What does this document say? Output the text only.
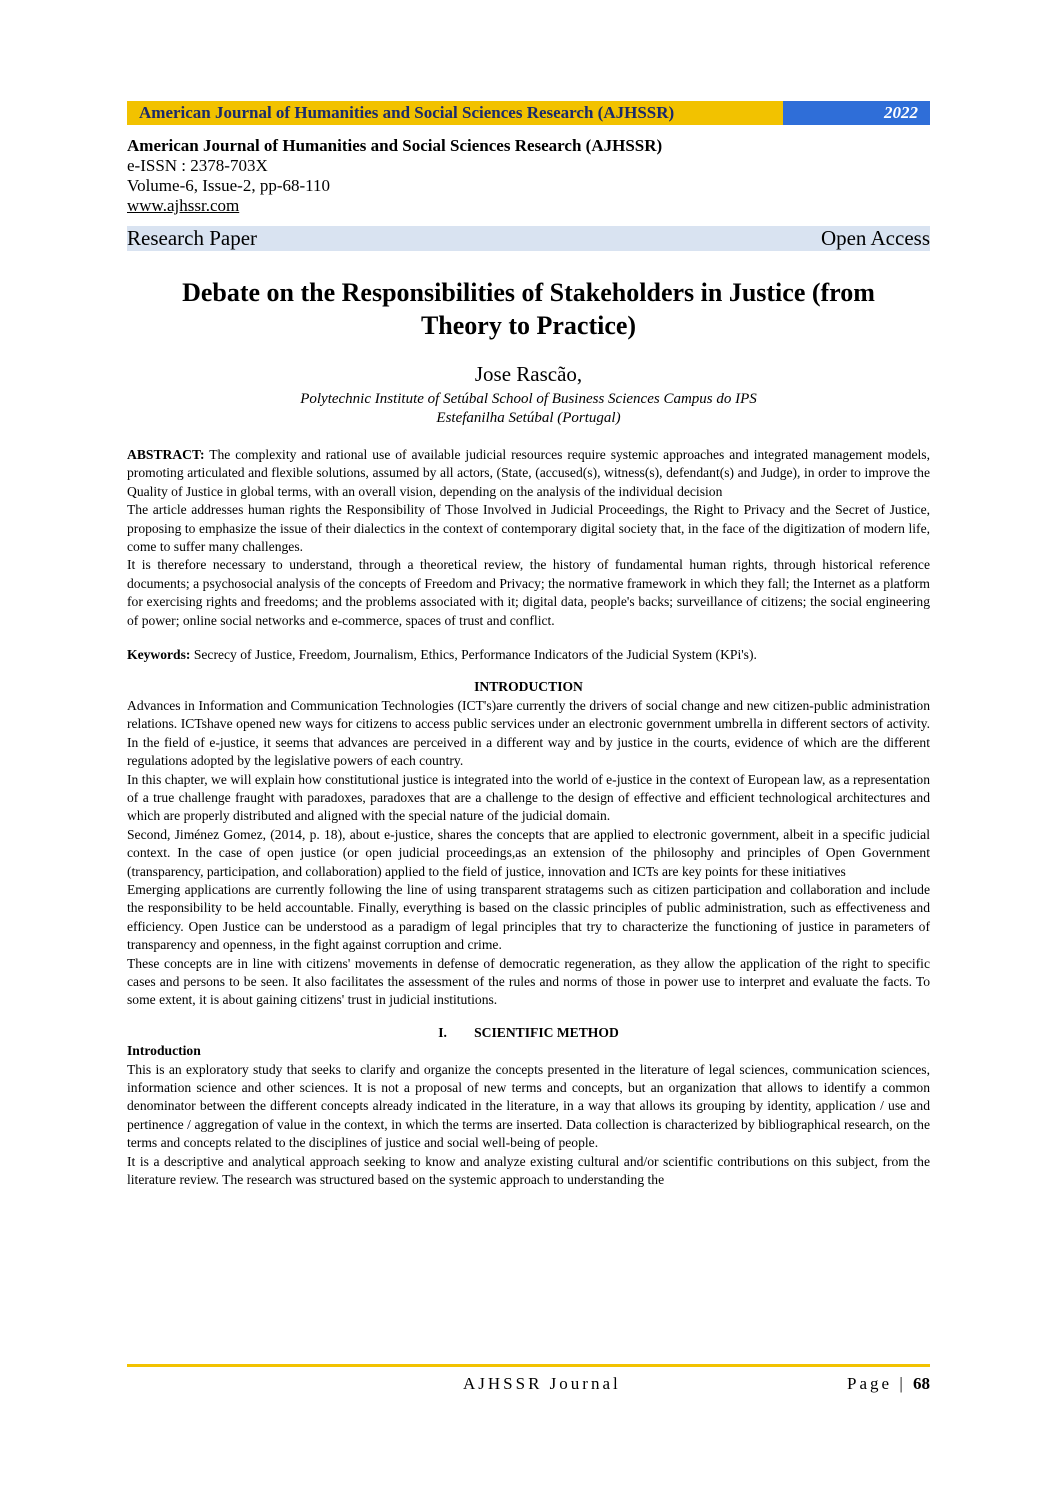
American Journal of Humanities and Social Sciences Research (AJHSSR)	2022
American Journal of Humanities and Social Sciences Research (AJHSSR)
e-ISSN : 2378-703X
Volume-6, Issue-2, pp-68-110
www.ajhssr.com
Research Paper	Open Access
Debate on the Responsibilities of Stakeholders in Justice (from
Theory to Practice)
Jose Rascão,
Polytechnic Institute of Setúbal School of Business Sciences Campus do IPS
Estefanilha Setúbal (Portugal)

ABSTRACT: The complexity and rational use of available judicial resources require systemic approaches and integrated management models, promoting articulated and flexible solutions, assumed by all actors, (State, (accused(s), witness(s), defendant(s) and Judge), in order to improve the Quality of Justice in global terms, with an overall vision, depending on the analysis of the individual decision

The article addresses human rights the Responsibility of Those Involved in Judicial Proceedings, the Right to Privacy and the Secret of Justice, proposing to emphasize the issue of their dialectics in the context of contemporary digital society that, in the face of the digitization of modern life, come to suffer many challenges.

It is therefore necessary to understand, through a theoretical review, the history of fundamental human rights, through historical reference documents; a psychosocial analysis of the concepts of Freedom and Privacy; the normative framework in which they fall; the Internet as a platform for exercising rights and freedoms; and the problems associated with it; digital data, people's backs; surveillance of citizens; the social engineering of power; online social networks and e-commerce, spaces of trust and conflict.

Keywords: Secrecy of Justice, Freedom, Journalism, Ethics, Performance Indicators of the Judicial System (KPi's).

INTRODUCTION

Advances in Information and Communication Technologies (ICT's)are currently the drivers of social change and new citizen-public administration relations. ICTshave opened new ways for citizens to access public services under an electronic government umbrella in different sectors of activity. In the field of e-justice, it seems that advances are perceived in a different way and by justice in the courts, evidence of which are the different regulations adopted by the legislative powers of each country.

In this chapter, we will explain how constitutional justice is integrated into the world of e-justice in the context of European law, as a representation of a true challenge fraught with paradoxes, paradoxes that are a challenge to the design of effective and efficient technological architectures and which are properly distributed and aligned with the special nature of the judicial domain.

Second, Jiménez Gomez, (2014, p. 18), about e-justice, shares the concepts that are applied to electronic government, albeit in a specific judicial context. In the case of open justice (or open judicial proceedings,as an extension of the philosophy and principles of Open Government (transparency, participation, and collaboration) applied to the field of justice, innovation and ICTs are key points for these initiatives

Emerging applications are currently following the line of using transparent stratagems such as citizen participation and collaboration and include the responsibility to be held accountable. Finally, everything is based on the classic principles of public administration, such as effectiveness and efficiency. Open Justice can be understood as a paradigm of legal principles that try to characterize the functioning of justice in parameters of transparency and openness, in the fight against corruption and crime.

These concepts are in line with citizens' movements in defense of democratic regeneration, as they allow the application of the right to specific cases and persons to be seen. It also facilitates the assessment of the rules and norms of those in power use to interpret and evaluate the facts. To some extent, it is about gaining citizens' trust in judicial institutions.

I.        SCIENTIFIC METHOD

Introduction

This is an exploratory study that seeks to clarify and organize the concepts presented in the literature of legal sciences, communication sciences, information science and other sciences. It is not a proposal of new terms and concepts, but an organization that allows to identify a common denominator between the different concepts already indicated in the literature, in a way that allows its grouping by identity, application / use and pertinence / aggregation of value in the context, in which the terms are inserted. Data collection is characterized by bibliographical research, on the terms and concepts related to the disciplines of justice and social well-being of people.

It is a descriptive and analytical approach seeking to know and analyze existing cultural and/or scientific contributions on this subject, from the literature review. The research was structured based on the systemic approach to understanding the

AJHSSR Journal	Page | 68
